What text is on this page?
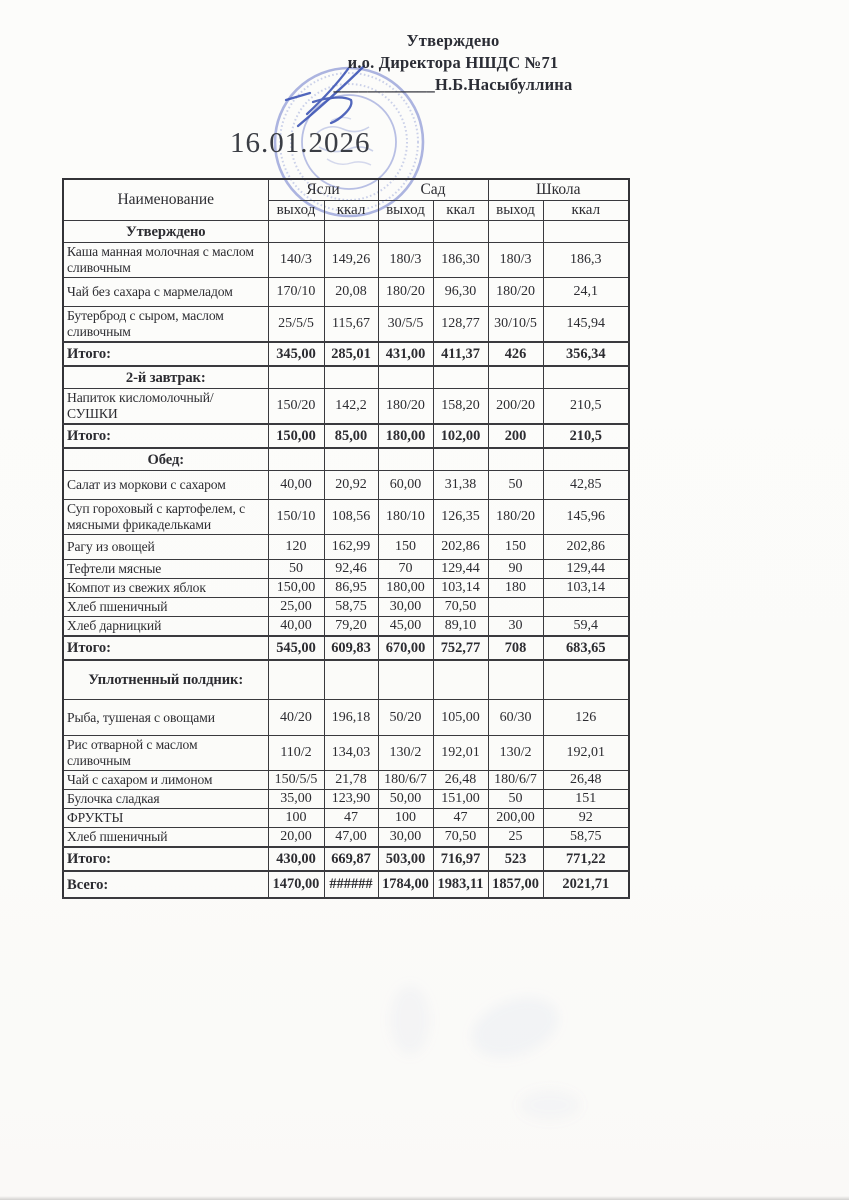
Утверждено
и.о. Директора НШДС №71
____________Н.Б.Насыбуллина
16.01.2026
Наименование	Ясли		Сад		Школа	
	выход	ккал	выход	ккал	выход	ккал
Утверждено						
Каша манная молочная с маслом сливочным	140/3	149,26	180/3	186,30	180/3	186,3
Чай без сахара с мармеладом	170/10	20,08	180/20	96,30	180/20	24,1
Бутерброд с сыром, маслом сливочным	25/5/5	115,67	30/5/5	128,77	30/10/5	145,94
Итого:	345,00	285,01	431,00	411,37	426	356,34
2-й завтрак:						
Напиток кисломолочный/ СУШКИ	150/20	142,2	180/20	158,20	200/20	210,5
Итого:	150,00	85,00	180,00	102,00	200	210,5
Обед:						
Салат из моркови с сахаром	40,00	20,92	60,00	31,38	50	42,85
Суп гороховый с картофелем, с мясными фрикадельками	150/10	108,56	180/10	126,35	180/20	145,96
Рагу из овощей	120	162,99	150	202,86	150	202,86
Тефтели мясные	50	92,46	70	129,44	90	129,44
Компот из свежих яблок	150,00	86,95	180,00	103,14	180	103,14
Хлеб пшеничный	25,00	58,75	30,00	70,50		
Хлеб дарницкий	40,00	79,20	45,00	89,10	30	59,4
Итого:	545,00	609,83	670,00	752,77	708	683,65
Уплотненный полдник:						
Рыба, тушеная с овощами	40/20	196,18	50/20	105,00	60/30	126
Рис отварной с маслом сливочным	110/2	134,03	130/2	192,01	130/2	192,01
Чай с сахаром и лимоном	150/5/5	21,78	180/6/7	26,48	180/6/7	26,48
Булочка сладкая	35,00	123,90	50,00	151,00	50	151
ФРУКТЫ	100	47	100	47	200,00	92
Хлеб пшеничный	20,00	47,00	30,00	70,50	25	58,75
Итого:	430,00	669,87	503,00	716,97	523	771,22
Всего:	1470,00	######	1784,00	1983,11	1857,00	2021,71
